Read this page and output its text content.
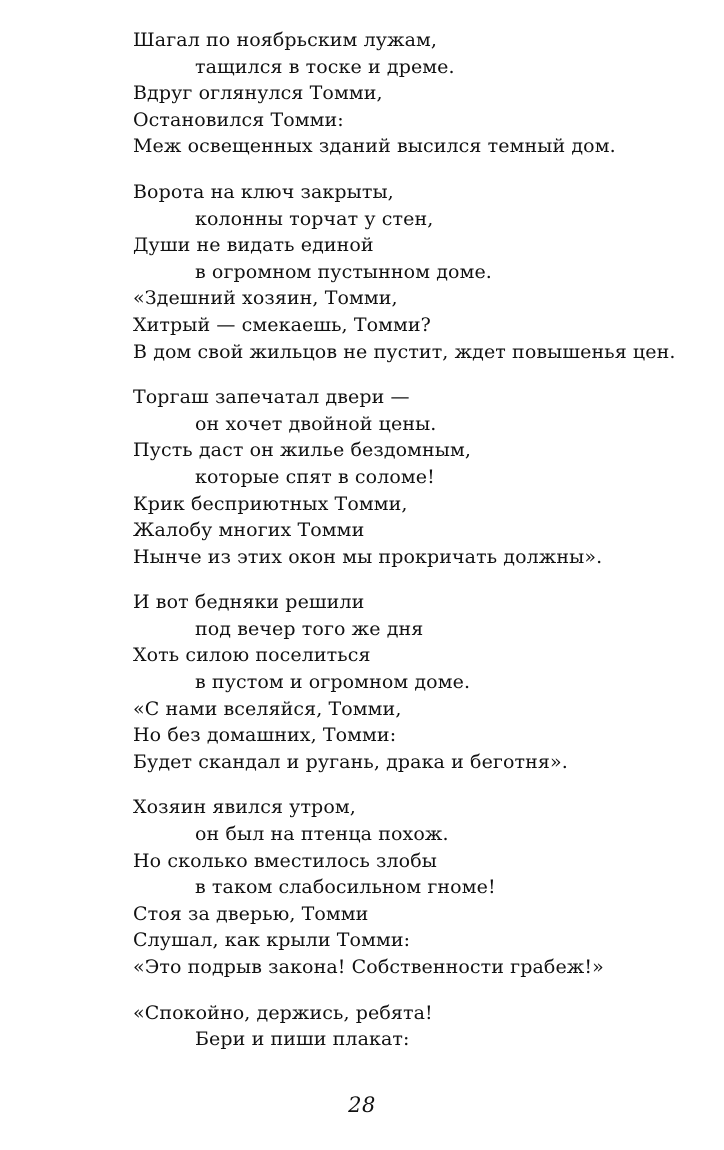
Шагал по ноябрьским лужам,
тащился в тоске и дреме.
Вдруг оглянулся Томми,
Остановился Томми:
Меж освещенных зданий высился темный дом.
Ворота на ключ закрыты,
колонны торчат у стен,
Души не видать единой
в огромном пустынном доме.
«Здешний хозяин, Томми,
Хитрый — смекаешь, Томми?
В дом свой жильцов не пустит, ждет повышенья цен.
Торгаш запечатал двери —
он хочет двойной цены.
Пусть даст он жилье бездомным,
которые спят в соломе!
Крик бесприютных Томми,
Жалобу многих Томми
Нынче из этих окон мы прокричать должны».
И вот бедняки решили
под вечер того же дня
Хоть силою поселиться
в пустом и огромном доме.
«С нами вселяйся, Томми,
Но без домашних, Томми:
Будет скандал и ругань, драка и беготня».
Хозяин явился утром,
он был на птенца похож.
Но сколько вместилось злобы
в таком слабосильном гноме!
Стоя за дверью, Томми
Слушал, как крыли Томми:
«Это подрыв закона! Собственности грабеж!»
«Спокойно, держись, ребята!
Бери и пиши плакат:
28
